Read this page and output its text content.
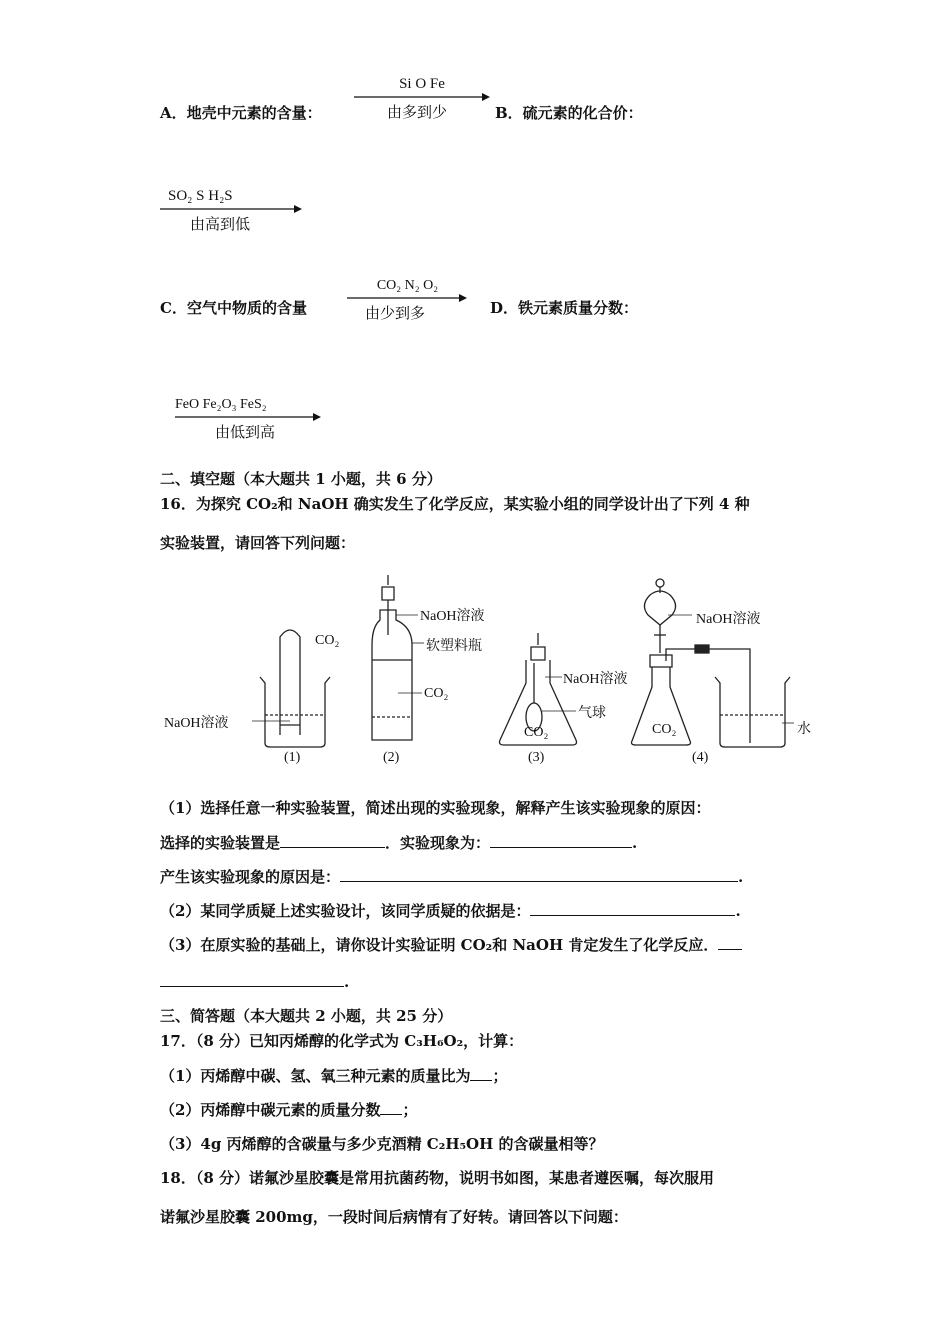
A．地壳中元素的含量：
Si O Fe
由多到少	B．硫元素的化合价：
SO₂ S H₂S
由高到低
C．空气中物质的含量
CO₂ N₂ O₂
由少到多	D．铁元素质量分数：
FeO Fe₂O₃ FeS₂
由低到高
二、填空题（本大题共 1 小题，共 6 分）
16．为探究 CO₂和 NaOH 确实发生了化学反应，某实验小组的同学设计出了下列 4 种
实验装置，请回答下列问题：
CO₂
NaOH溶液
NaOH溶液
软塑料瓶
CO₂
NaOH溶液
气球
CO₂
NaOH溶液
CO₂	水
(1)	(2)	(3)	(4)
（1）选择任意一种实验装置，简述出现的实验现象，解释产生该实验现象的原因：
选择的实验装置是	．实验现象为：	.
产生该实验现象的原因是：	.
（2）某同学质疑上述实验设计，该同学质疑的依据是：	.
（3）在原实验的基础上，请你设计实验证明 CO₂和 NaOH 肯定发生了化学反应．
.
三、简答题（本大题共 2 小题，共 25 分）
17．（8 分）已知丙烯醇的化学式为 C₃H₆O₂，计算：
（1）丙烯醇中碳、氢、氧三种元素的质量比为 ；
（2）丙烯醇中碳元素的质量分数 ；
（3）4g 丙烯醇的含碳量与多少克酒精 C₂H₅OH 的含碳量相等？
18．（8 分）诺氟沙星胶囊是常用抗菌药物，说明书如图，某患者遵医嘱，每次服用
诺氟沙星胶囊 200mg，一段时间后病情有了好转。请回答以下问题：
